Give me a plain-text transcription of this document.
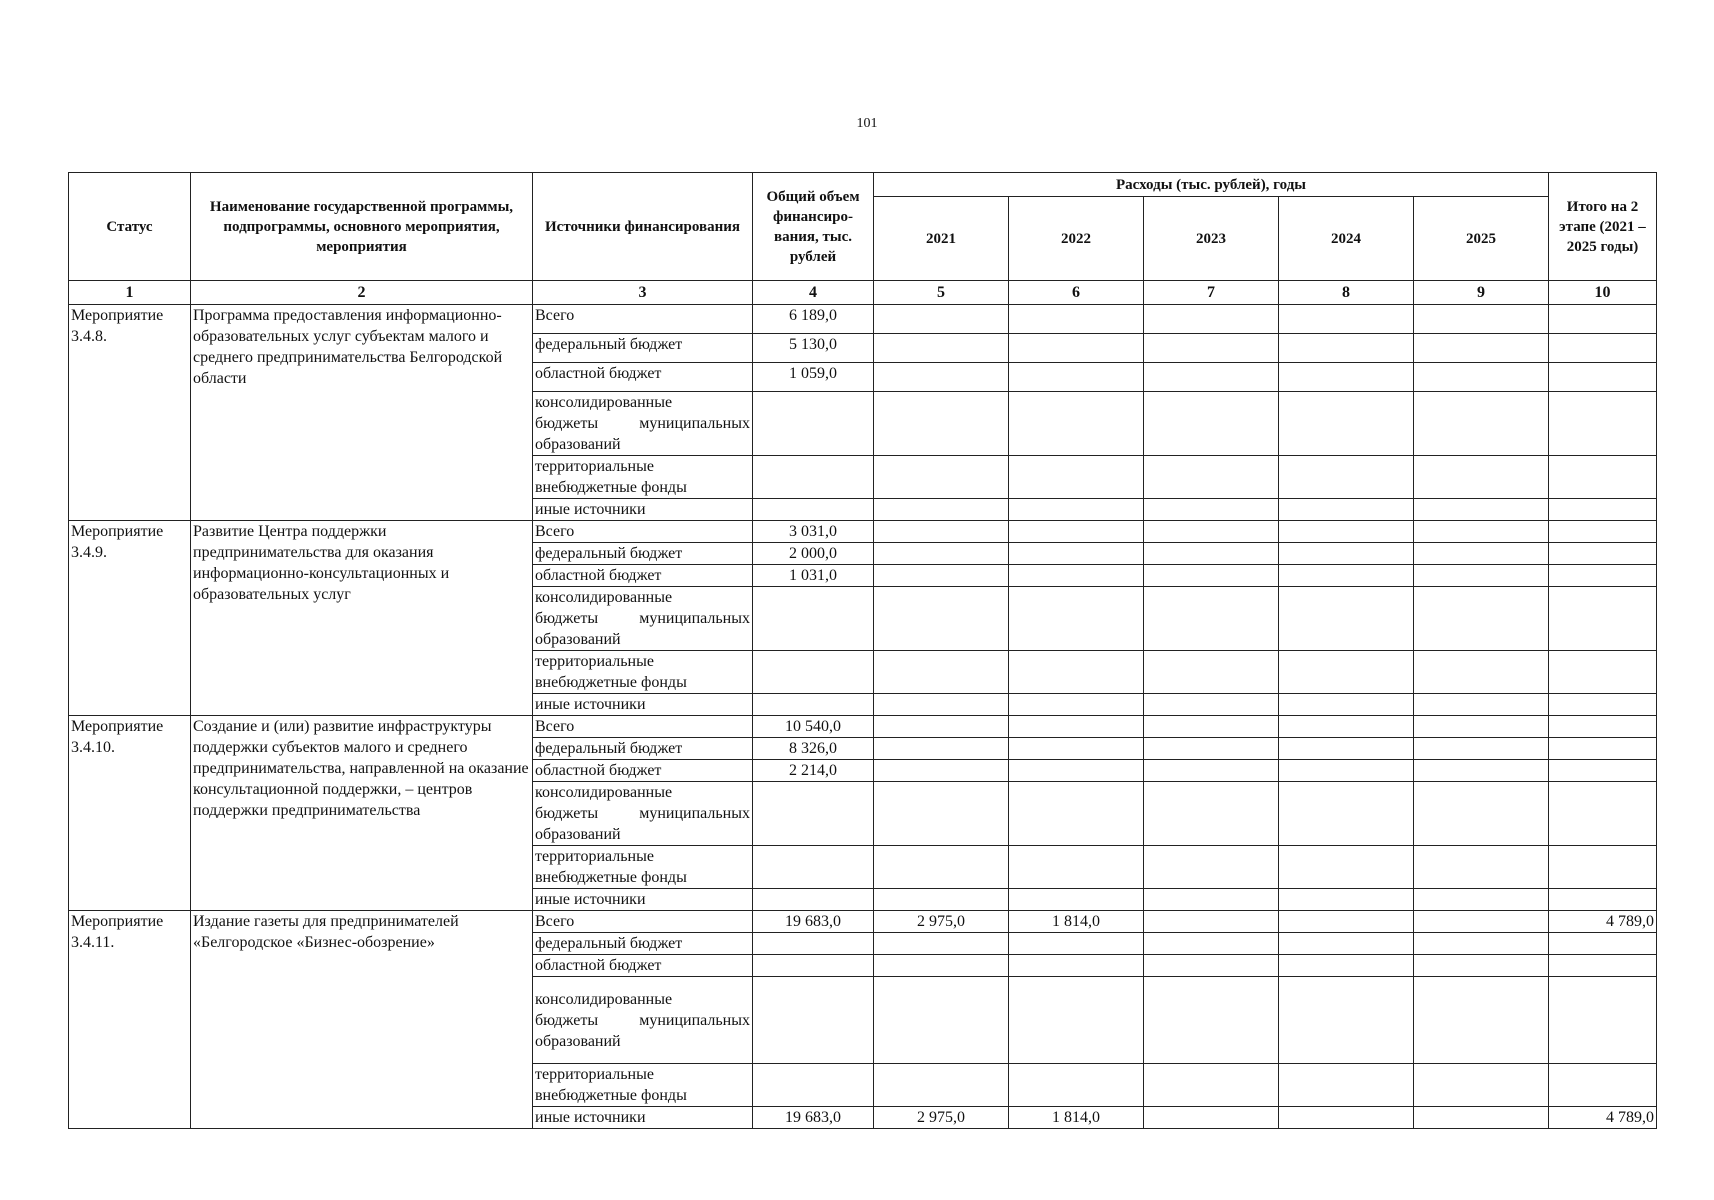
101
Статус	Наименование государственной программы, подпрограммы, основного мероприятия, мероприятия	Источники финансирования	Общий объем финансиро-вания, тыс. рублей	Расходы (тыс. рублей), годы					Итого на 2 этапе (2021 – 2025 годы)
				2021	2022	2023	2024	2025	
1	2	3	4	5	6	7	8	9	10
Мероприятие 3.4.8.	Программа предоставления информационно-образовательных услуг субъектам малого и среднего предпринимательства Белгородской области	Всего	6 189,0						
		федеральный бюджет	5 130,0						
		областной бюджет	1 059,0						

		консолидированные
бюджеты муниципальных
образований							

		территориальные
внебюджетные фонды							

		иные источники							
Мероприятие 3.4.9.	Развитие Центра поддержки предпринимательства для оказания информационно-консультационных и образовательных услуг	Всего	3 031,0						
		федеральный бюджет	2 000,0						
		областной бюджет	1 031,0						

		консолидированные
бюджеты муниципальных
образований							

		территориальные
внебюджетные фонды							

		иные источники							
Мероприятие 3.4.10.	Создание и (или) развитие инфраструктуры поддержки субъектов малого и среднего предпринимательства, направленной на оказание консультационной поддержки, – центров поддержки предпринимательства	Всего	10 540,0						
		федеральный бюджет	8 326,0						
		областной бюджет	2 214,0						

		консолидированные
бюджеты муниципальных
образований							

		территориальные
внебюджетные фонды							

		иные источники							
Мероприятие 3.4.11.	Издание газеты для предпринимателей «Белгородское «Бизнес-обозрение»	Всего	19 683,0	2 975,0	1 814,0				4 789,0
		федеральный бюджет							
		областной бюджет							

		консолидированные
бюджеты муниципальных
образований							

		территориальные
внебюджетные фонды							

		иные источники	19 683,0	2 975,0	1 814,0				4 789,0
